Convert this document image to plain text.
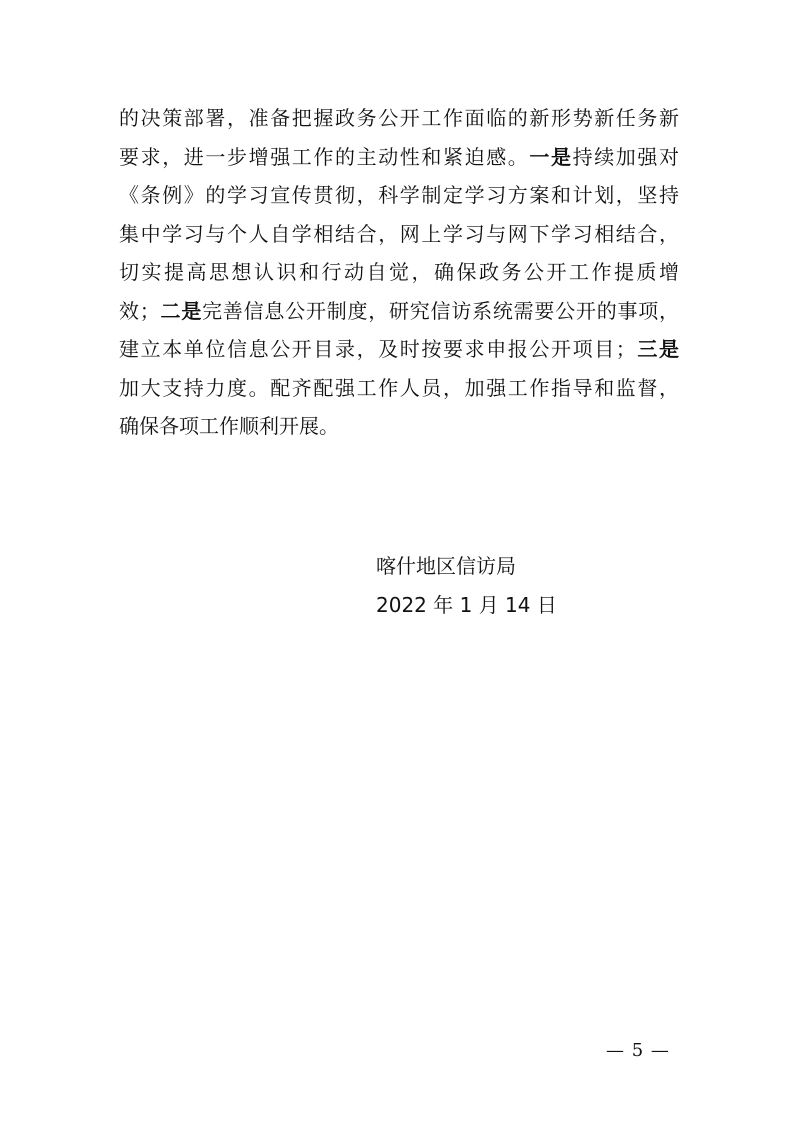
的决策部署，准备把握政务公开工作面临的新形势新任务新
要求，进一步增强工作的主动性和紧迫感。一是持续加强对
《条例》的学习宣传贯彻，科学制定学习方案和计划，坚持
集中学习与个人自学相结合，网上学习与网下学习相结合，
切实提高思想认识和行动自觉，确保政务公开工作提质增
效；二是完善信息公开制度，研究信访系统需要公开的事项，
建立本单位信息公开目录，及时按要求申报公开项目；三是
加大支持力度。配齐配强工作人员，加强工作指导和监督，
确保各项工作顺利开展。
喀什地区信访局
2022 年 1 月 14 日
— 5 —
